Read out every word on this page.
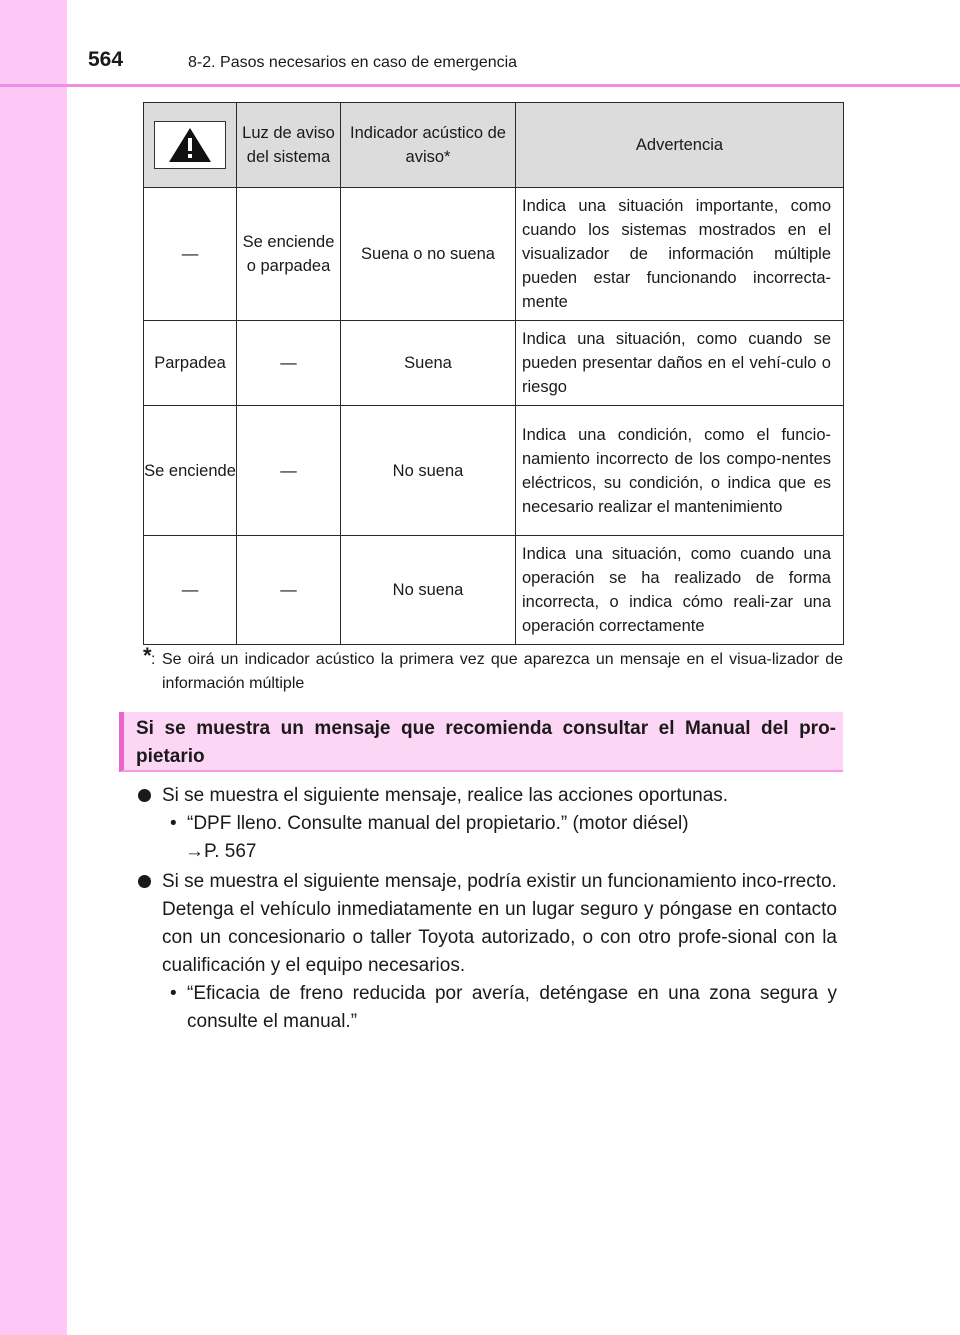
564	8-2. Pasos necesarios en caso de emergencia
	Luz de aviso del sistema	Indicador acústico de aviso*	Advertencia
—	Se enciende o parpadea	Suena o no suena	Indica una situación importante, como cuando los sistemas mostrados en el visualizador de información múltiple pueden estar funcionando incorrecta-mente
Parpadea	—	Suena	Indica una situación, como cuando se pueden presentar daños en el vehí-culo o riesgo
Se enciende	—	No suena	Indica una condición, como el funcio-namiento incorrecto de los compo-nentes eléctricos, su condición, o indica que es necesario realizar el mantenimiento
—	—	No suena	Indica una situación, como cuando una operación se ha realizado de forma incorrecta, o indica cómo reali-zar una operación correctamente
* : Se oirá un indicador acústico la primera vez que aparezca un mensaje en el visua-lizador de información múltiple
Si se muestra un mensaje que recomienda consultar el Manual del pro-pietario
Si se muestra el siguiente mensaje, realice las acciones oportunas.
• “DPF lleno. Consulte manual del propietario.” (motor diésel)
→P. 567
Si se muestra el siguiente mensaje, podría existir un funcionamiento inco-rrecto.
Detenga el vehículo inmediatamente en un lugar seguro y póngase en contacto con un concesionario o taller Toyota autorizado, o con otro profe-sional con la cualificación y el equipo necesarios.
• “Eficacia de freno reducida por avería, deténgase en una zona segura y consulte el manual.”
